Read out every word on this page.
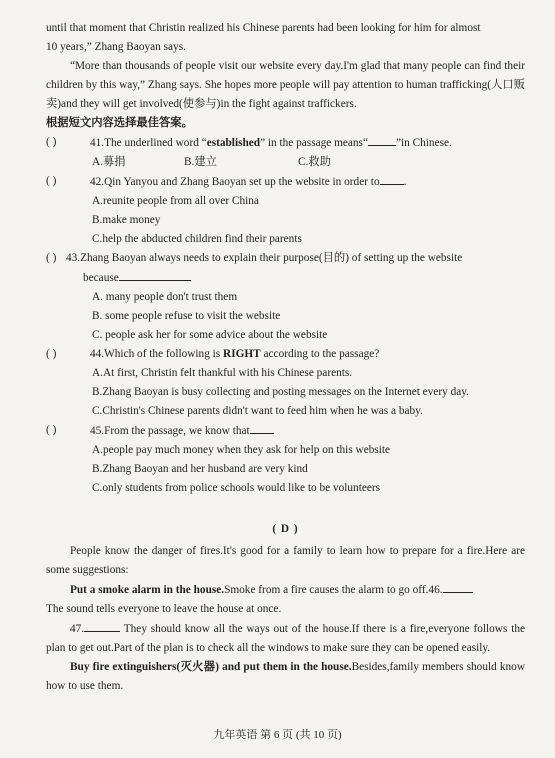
until that moment that Christin realized his Chinese parents had been looking for him for almost

10 years,” Zhang Baoyan says.

“More than thousands of people visit our website every day.I'm glad that many people can find their children by this way,” Zhang says. She hopes more people will pay attention to human trafficking(人口贩卖)and they will get involved(使参与)in the fight against traffickers.

根据短文内容选择最佳答案。

( )	41.The underlined word “established” in the passage means“ ”in Chinese.
A.募捐	B.建立	C.救助
( )	42.Qin Yanyou and Zhang Baoyan set up the website in order to .

A.reunite people from all over China

B.make money

C.help the abducted children find their parents

( ) 43.Zhang Baoyan always needs to explain their purpose(目的) of setting up the website

because

A. many people don't trust them

B. some people refuse to visit the website

C. people ask her for some advice about the website

( )	44.Which of the following is RIGHT according to the passage?

A.At first, Christin felt thankful with his Chinese parents.

B.Zhang Baoyan is busy collecting and posting messages on the Internet every day.

C.Christin's Chinese parents didn't want to feed him when he was a baby.

( )	45.From the passage, we know that

A.people pay much money when they ask for help on this website

B.Zhang Baoyan and her husband are very kind

C.only students from police schools would like to be volunteers

( D )

People know the danger of fires.It's good for a family to learn how to prepare for a fire.Here are some suggestions:

Put a smoke alarm in the house.Smoke from a fire causes the alarm to go off.46.

The sound tells everyone to leave the house at once.

47.	They should know all the ways out of the house.If there is a fire,everyone follows the plan to get out.Part of the plan is to check all the windows to make sure they can be opened easily.

Buy fire extinguishers(灭火器) and put them in the house.Besides,family members should know how to use them.

九年英语 第 6 页 (共 10 页)
